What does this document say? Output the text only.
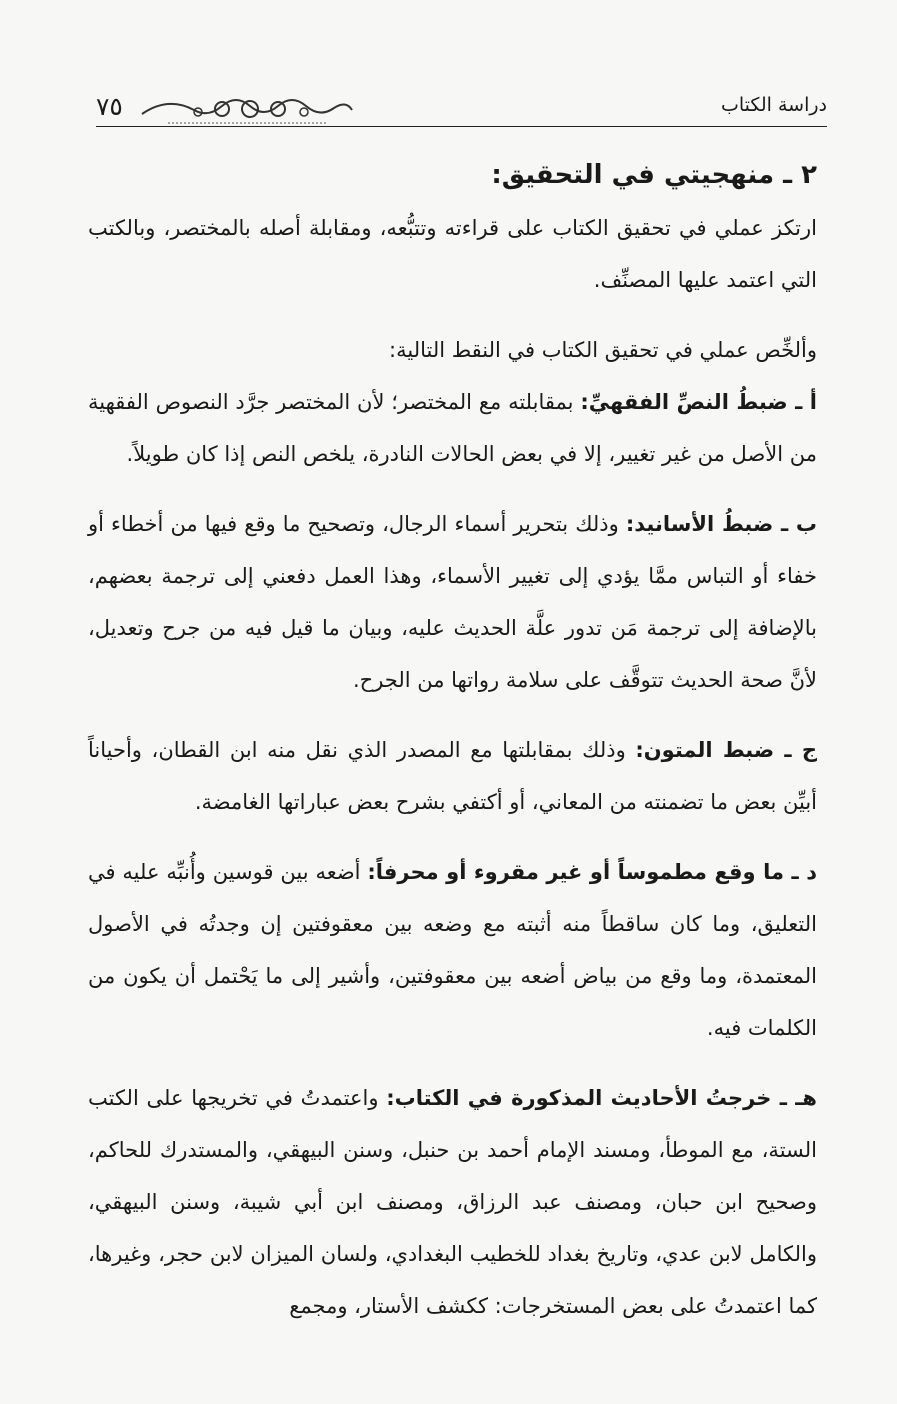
٧٥	دراسة الكتاب
٢ ـ منهجيتي في التحقيق:

ارتكز عملي في تحقيق الكتاب على قراءته وتتبُّعه، ومقابلة أصله بالمختصر، وبالكتب التي اعتمد عليها المصنِّف.

وألخِّص عملي في تحقيق الكتاب في النقط التالية:

أ ـ ضبطُ النصِّ الفقهيِّ: بمقابلته مع المختصر؛ لأن المختصر جرَّد النصوص الفقهية من الأصل من غير تغيير، إلا في بعض الحالات النادرة، يلخص النص إذا كان طويلاً.

ب ـ ضبطُ الأسانيد: وذلك بتحرير أسماء الرجال، وتصحيح ما وقع فيها من أخطاء أو خفاء أو التباس ممَّا يؤدي إلى تغيير الأسماء، وهذا العمل دفعني إلى ترجمة بعضهم، بالإضافة إلى ترجمة مَن تدور علَّة الحديث عليه، وبيان ما قيل فيه من جرح وتعديل، لأنَّ صحة الحديث تتوقَّف على سلامة رواتها من الجرح.

ج ـ ضبط المتون: وذلك بمقابلتها مع المصدر الذي نقل منه ابن القطان، وأحياناً أبيِّن بعض ما تضمنته من المعاني، أو أكتفي بشرح بعض عباراتها الغامضة.

د ـ ما وقع مطموساً أو غير مقروء أو محرفاً: أضعه بين قوسين وأُنبِّه عليه في التعليق، وما كان ساقطاً منه أثبته مع وضعه بين معقوفتين إن وجدتُه في الأصول المعتمدة، وما وقع من بياض أضعه بين معقوفتين، وأشير إلى ما يَحْتمل أن يكون من الكلمات فيه.

هـ ـ خرجتُ الأحاديث المذكورة في الكتاب: واعتمدتُ في تخريجها على الكتب الستة، مع الموطأ، ومسند الإمام أحمد بن حنبل، وسنن البيهقي، والمستدرك للحاكم، وصحيح ابن حبان، ومصنف عبد الرزاق، ومصنف ابن أبي شيبة، وسنن البيهقي، والكامل لابن عدي، وتاريخ بغداد للخطيب البغدادي، ولسان الميزان لابن حجر، وغيرها، كما اعتمدتُ على بعض المستخرجات: ككشف الأستار، ومجمع
